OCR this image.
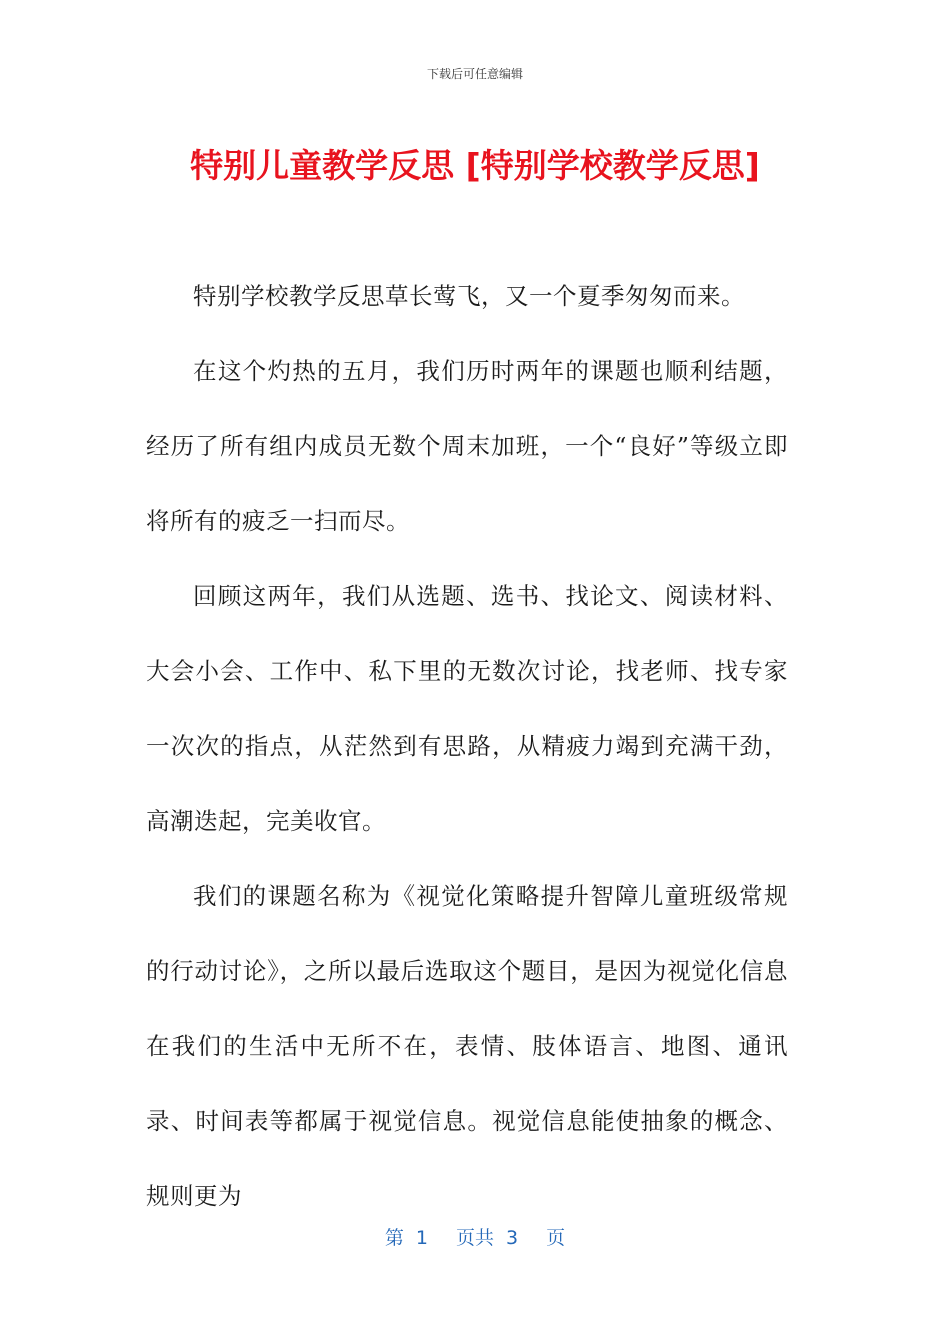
下载后可任意编辑
特别儿童教学反思 [特别学校教学反思]

特别学校教学反思草长莺飞，又一个夏季匆匆而来。

在这个灼热的五月，我们历时两年的课题也顺利结题，经历了所有组内成员无数个周末加班，一个“良好”等级立即将所有的疲乏一扫而尽。

回顾这两年，我们从选题、选书、找论文、阅读材料、大会小会、工作中、私下里的无数次讨论，找老师、找专家一次次的指点，从茫然到有思路，从精疲力竭到充满干劲，高潮迭起，完美收官。

我们的课题名称为《视觉化策略提升智障儿童班级常规的行动讨论》，之所以最后选取这个题目，是因为视觉化信息在我们的生活中无所不在，表情、肢体语言、地图、通讯录、时间表等都属于视觉信息。视觉信息能使抽象的概念、规则更为

第 1 页共 3 页
